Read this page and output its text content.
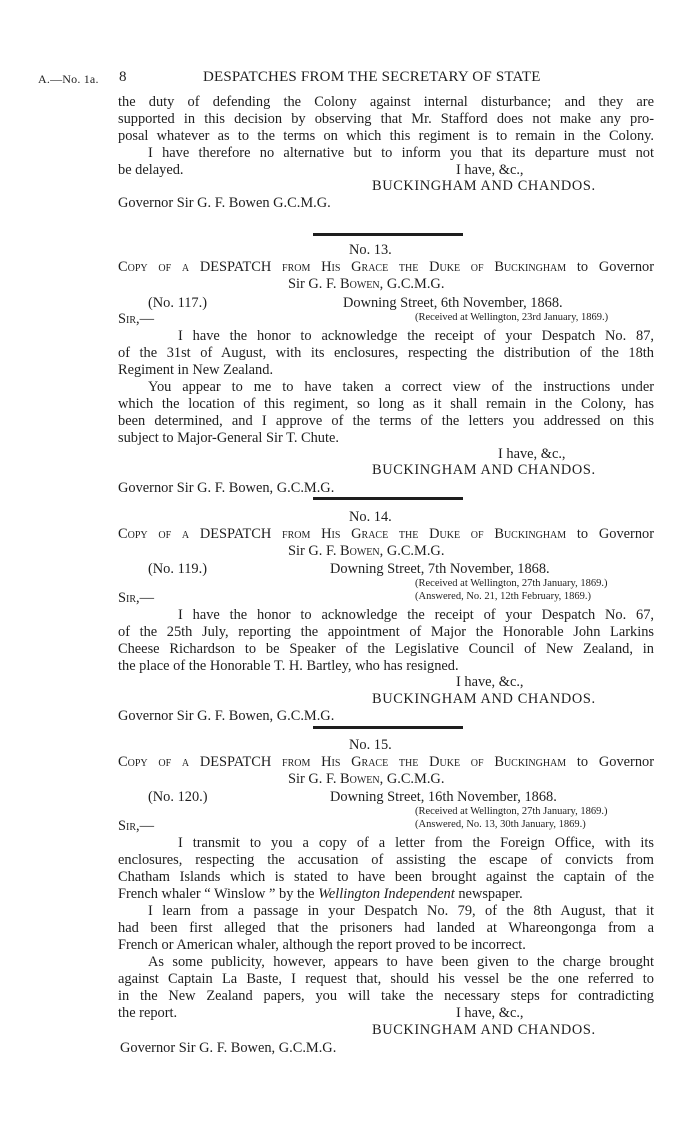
A.—No. 1a. 8	DESPATCHES FROM THE SECRETARY OF STATE
the duty of defending the Colony against internal disturbance; and they are
supported in this decision by observing that Mr. Stafford does not make any pro-
posal whatever as to the terms on which this regiment is to remain in the Colony.
I have therefore no alternative but to inform you that its departure must not
be delayed.	I have, &c.,
BUCKINGHAM AND CHANDOS.
Governor Sir G. F. Bowen G.C.M.G.
No. 13.
Copy of a DESPATCH from His Grace the Duke of Buckingham to Governor
Sir G. F. Bowen, G.C.M.G.
(No. 117.)	Downing Street, 6th November, 1868.
(Received at Wellington, 23rd January, 1869.)
Sir,—
I have the honor to acknowledge the receipt of your Despatch No. 87,
of the 31st of August, with its enclosures, respecting the distribution of the 18th
Regiment in New Zealand.
You appear to me to have taken a correct view of the instructions under
which the location of this regiment, so long as it shall remain in the Colony, has
been determined, and I approve of the terms of the letters you addressed on this
subject to Major-General Sir T. Chute.
I have, &c.,
BUCKINGHAM AND CHANDOS.
Governor Sir G. F. Bowen, G.C.M.G.
No. 14.
Copy of a DESPATCH from His Grace the Duke of Buckingham to Governor
Sir G. F. Bowen, G.C.M.G.
(No. 119.)	Downing Street, 7th November, 1868.
(Received at Wellington, 27th January, 1869.)
(Answered, No. 21, 12th February, 1869.)
Sir,—
I have the honor to acknowledge the receipt of your Despatch No. 67,
of the 25th July, reporting the appointment of Major the Honorable John Larkins
Cheese Richardson to be Speaker of the Legislative Council of New Zealand, in
the place of the Honorable T. H. Bartley, who has resigned.
I have, &c.,
BUCKINGHAM AND CHANDOS.
Governor Sir G. F. Bowen, G.C.M.G.
No. 15.
Copy of a DESPATCH from His Grace the Duke of Buckingham to Governor
Sir G. F. Bowen, G.C.M.G.
(No. 120.)	Downing Street, 16th November, 1868.
(Received at Wellington, 27th January, 1869.)
(Answered, No. 13, 30th January, 1869.)
Sir,—
I transmit to you a copy of a letter from the Foreign Office, with its
enclosures, respecting the accusation of assisting the escape of convicts from
Chatham Islands which is stated to have been brought against the captain of the
French whaler “ Winslow ” by the Wellington Independent newspaper.
I learn from a passage in your Despatch No. 79, of the 8th August, that it
had been first alleged that the prisoners had landed at Whareongonga from a
French or American whaler, although the report proved to be incorrect.
As some publicity, however, appears to have been given to the charge brought
against Captain La Baste, I request that, should his vessel be the one referred to
in the New Zealand papers, you will take the necessary steps for contradicting
the report.	I have, &c.,
BUCKINGHAM AND CHANDOS.
Governor Sir G. F. Bowen, G.C.M.G.
